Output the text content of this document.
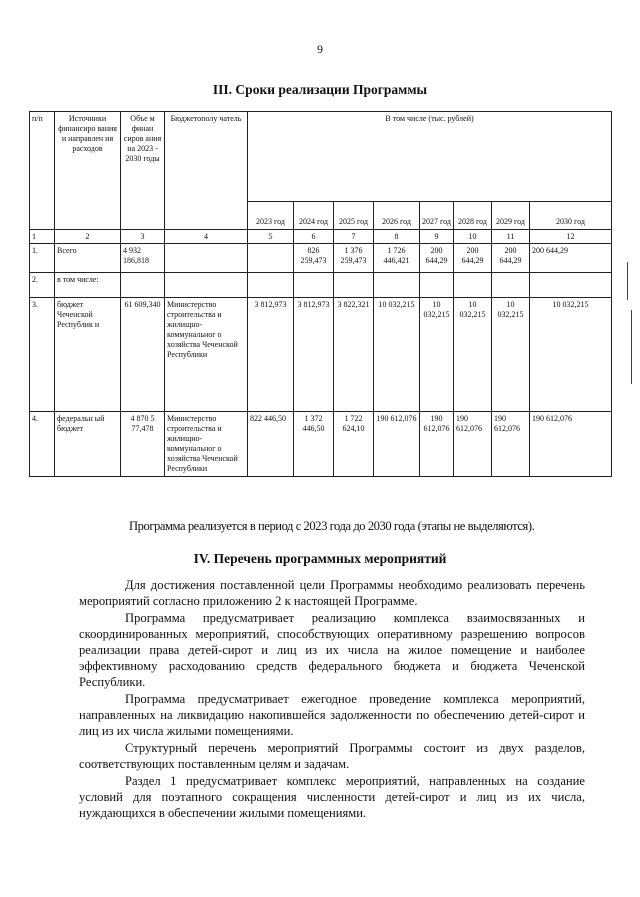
9
III. Сроки реализации Программы
п/п	Источники финансиро вания и направлен ия расходов	Объе м финан сиров ания на 2023 - 2030 годы	Бюджетополу чатель	В том числе (тыс. рублей)							
				2023 год	2024 год	2025 год	2026 год	2027 год	2028 год	2029 год	2030 год
1	2	3	4	5	6	7	8	9	10	11	12
1.	Всего	4 932 186,818			826 259,473	1 376 259,473	1 726 446,421	200 644,29	200 644,29	200 644,29	200 644,29
2.	в том числе:										
3.	бюджет Чеченской Республик и	61 609,340	Министерство строительства и жилищно-коммунальног о хозяйства Чеченской Республики	3 812,973	3 812,973	3 822,321	10 032,215	10 032,215	10 032,215	10 032,215	10 032,215
4.	федеральн ый бюджет	4 870 5 77,478	Министерство строительства и жилищно-коммунальног о хозяйства Чеченской Республики	822 446,50	1 372 446,50	1 722 624,10	190 612,076	190 612,076	190 612,076	190 612,076	190 612,076
Программа реализуется в период с 2023 года до 2030 года (этапы не выделяются).
IV. Перечень программных мероприятий

Для достижения поставленной цели Программы необходимо реализовать перечень мероприятий согласно приложению 2 к настоящей Программе.

Программа предусматривает реализацию комплекса взаимосвязанных и скоординированных мероприятий, способствующих оперативному разрешению вопросов реализации права детей-сирот и лиц из их числа на жилое помещение и наиболее эффективному расходованию средств федерального бюджета и бюджета Чеченской Республики.

Программа предусматривает ежегодное проведение комплекса мероприятий, направленных на ликвидацию накопившейся задолженности по обеспечению детей-сирот и лиц из их числа жилыми помещениями.

Структурный перечень мероприятий Программы состоит из двух разделов, соответствующих поставленным целям и задачам.

Раздел 1 предусматривает комплекс мероприятий, направленных на создание условий для поэтапного сокращения численности детей-сирот и лиц из их числа, нуждающихся в обеспечении жилыми помещениями.
